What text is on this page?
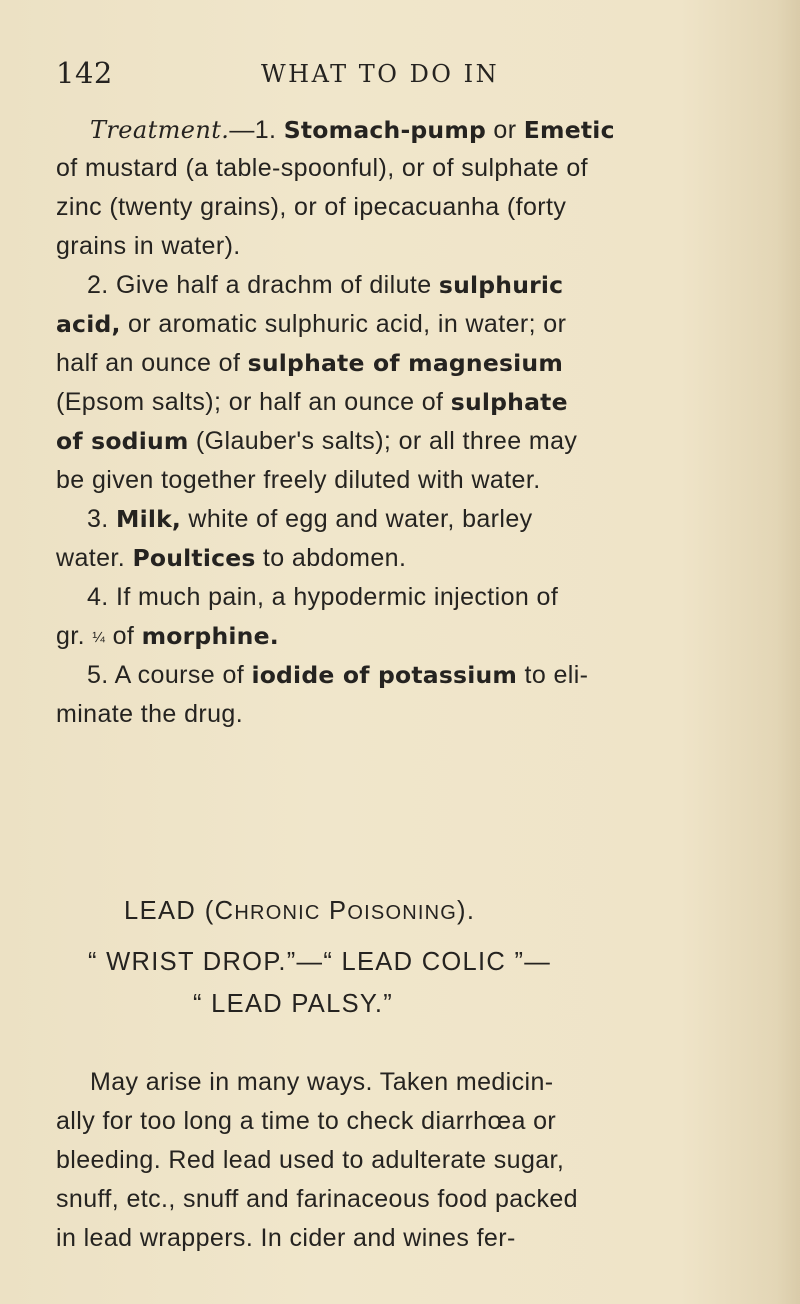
142	WHAT TO DO IN
Treatment.—1. Stomach-pump or Emetic
of mustard (a table-spoonful), or of sulphate of
zinc (twenty grains), or of ipecacuanha (forty
grains in water).
2. Give half a drachm of dilute sulphuric
acid, or aromatic sulphuric acid, in water; or
half an ounce of sulphate of magnesium
(Epsom salts); or half an ounce of sulphate
of sodium (Glauber's salts); or all three may
be given together freely diluted with water.
3. Milk, white of egg and water, barley
water. Poultices to abdomen.
4. If much pain, a hypodermic injection of
gr. ¼ of morphine.
5. A course of iodide of potassium to eli-
minate the drug.
LEAD (CHRONIC POISONING).
“ WRIST DROP.”—“ LEAD COLIC ”—
“ LEAD PALSY.”
May arise in many ways. Taken medicin-
ally for too long a time to check diarrhœa or
bleeding. Red lead used to adulterate sugar,
snuff, etc., snuff and farinaceous food packed
in lead wrappers. In cider and wines fer-
